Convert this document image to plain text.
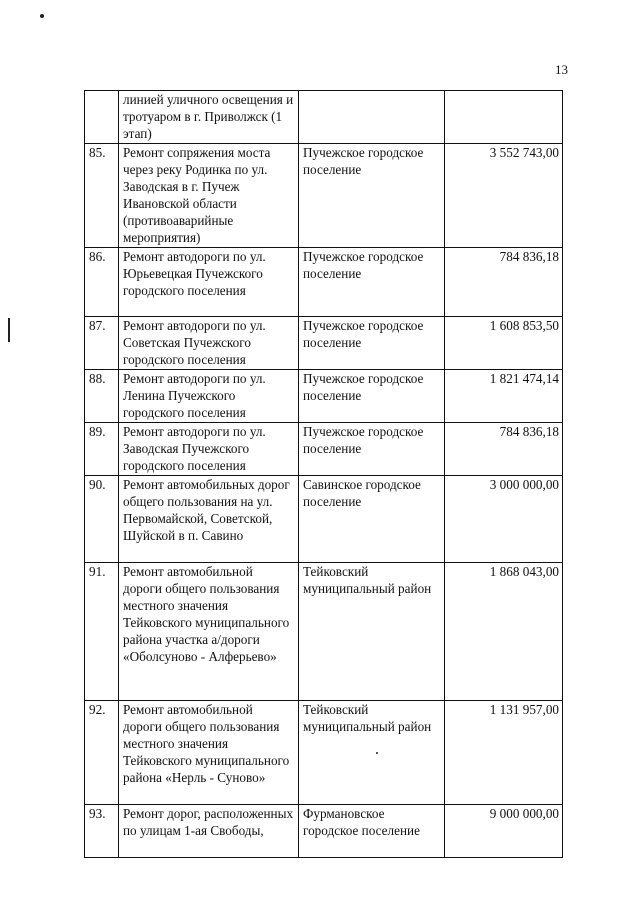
13
	линией уличного освещения и тротуаром в г. Приволжск (1 этап)		
85.	Ремонт сопряжения моста через реку Родинка по ул. Заводская в г. Пучеж Ивановской области (противоаварийные мероприятия)	Пучежское городское поселение	3 552 743,00
86.	Ремонт автодороги по ул. Юрьевецкая Пучежского городского поселения	Пучежское городское поселение	784 836,18
87.	Ремонт автодороги по ул. Советская Пучежского городского поселения	Пучежское городское поселение	1 608 853,50
88.	Ремонт автодороги по ул. Ленина Пучежского городского поселения	Пучежское городское поселение	1 821 474,14
89.	Ремонт автодороги по ул. Заводская Пучежского городского поселения	Пучежское городское поселение	784 836,18
90.	Ремонт автомобильных дорог общего пользования на ул. Первомайской, Советской, Шуйской в п. Савино	Савинское городское поселение	3 000 000,00
91.	Ремонт автомобильной дороги общего пользования местного значения Тейковского муниципального района участка а/дороги «Оболсуново - Алферьево»	Тейковский муниципальный район	1 868 043,00
92.	Ремонт автомобильной дороги общего пользования местного значения Тейковского муниципального района «Нерль - Суново»	Тейковский муниципальный район	1 131 957,00
93.	Ремонт дорог, расположенных по улицам 1-ая Свободы,	Фурмановское городское поселение	9 000 000,00
